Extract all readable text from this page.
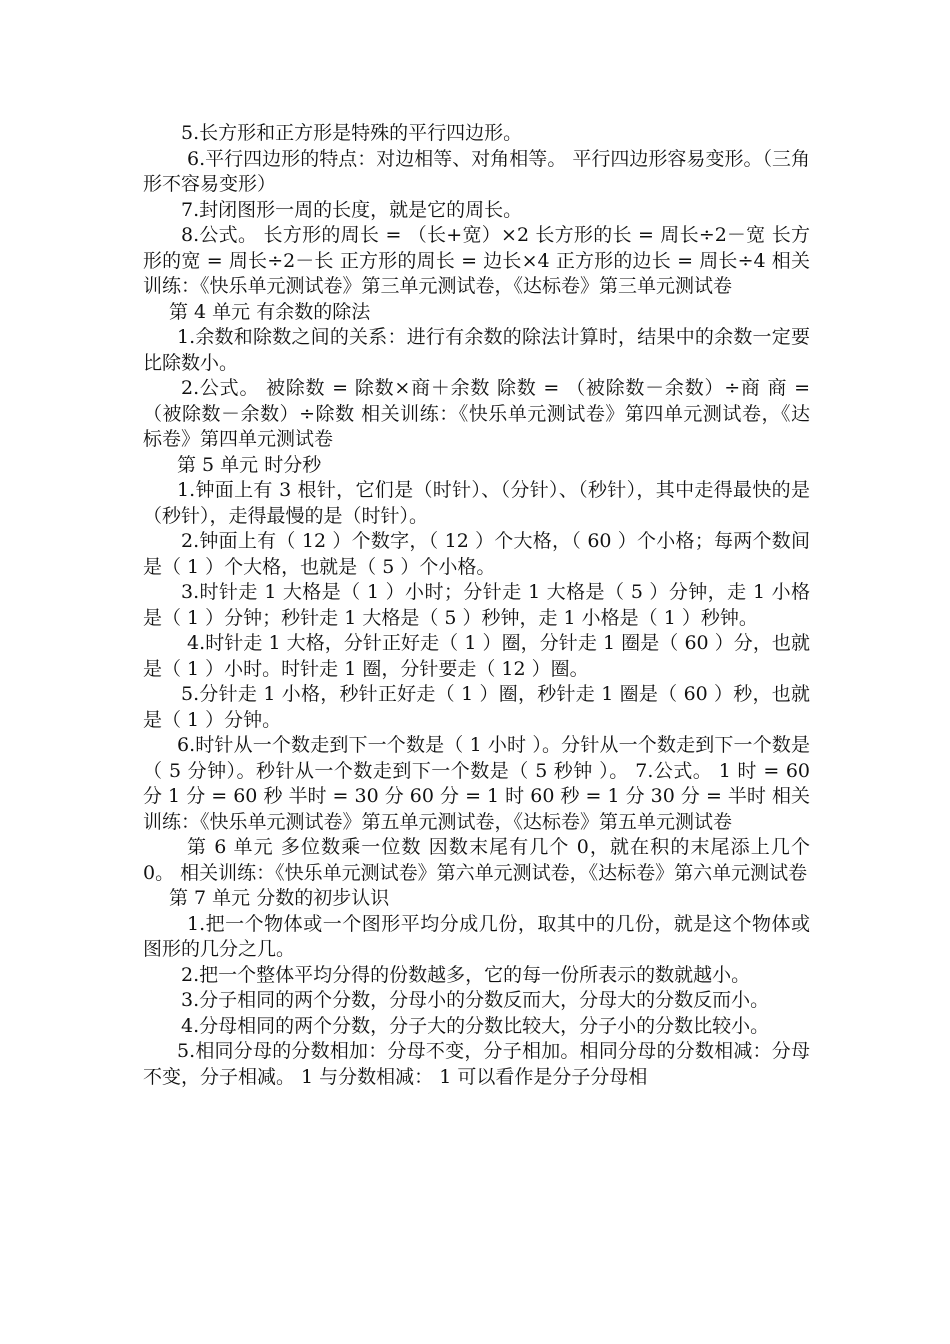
5.长方形和正方形是特殊的平行四边形。

6.平行四边形的特点：对边相等、对角相等。 平行四边形容易变形。（三角形不容易变形）

7.封闭图形一周的长度，就是它的周长。

8.公式。 长方形的周长 = （长+宽）×2 长方形的长 = 周长÷2－宽 长方形的宽 = 周长÷2－长 正方形的周长 = 边长×4 正方形的边长 = 周长÷4 相关训练：《快乐单元测试卷》第三单元测试卷，《达标卷》第三单元测试卷

第 4 单元 有余数的除法

1.余数和除数之间的关系：进行有余数的除法计算时，结果中的余数一定要比除数小。

2.公式。 被除数 = 除数×商＋余数 除数 = （被除数－余数）÷商 商 = （被除数－余数）÷除数 相关训练：《快乐单元测试卷》第四单元测试卷，《达标卷》第四单元测试卷

第 5 单元 时分秒

1.钟面上有 3 根针，它们是（时针）、（分针）、（秒针），其中走得最快的是（秒针），走得最慢的是（时针）。

2.钟面上有（ 12 ）个数字，（ 12 ）个大格，（ 60 ）个小格；每两个数间是（ 1 ）个大格，也就是（ 5 ）个小格。

3.时针走 1 大格是（ 1 ）小时；分针走 1 大格是（ 5 ）分钟，走 1 小格是（ 1 ）分钟；秒针走 1 大格是（ 5 ）秒钟，走 1 小格是（ 1 ）秒钟。

4.时针走 1 大格，分针正好走（ 1 ）圈，分针走 1 圈是（ 60 ）分，也就是（ 1 ）小时。时针走 1 圈，分针要走（ 12 ）圈。

5.分针走 1 小格，秒针正好走（ 1 ）圈，秒针走 1 圈是（ 60 ）秒，也就是（ 1 ）分钟。

6.时针从一个数走到下一个数是（ 1 小时 ）。分针从一个数走到下一个数是（ 5 分钟）。秒针从一个数走到下一个数是（ 5 秒钟 ）。 7.公式。 1 时 = 60 分 1 分 = 60 秒 半时 = 30 分 60 分 = 1 时 60 秒 = 1 分 30 分 = 半时 相关训练：《快乐单元测试卷》第五单元测试卷，《达标卷》第五单元测试卷

第 6 单元 多位数乘一位数 因数末尾有几个 0，就在积的末尾添上几个 0。 相关训练：《快乐单元测试卷》第六单元测试卷，《达标卷》第六单元测试卷

第 7 单元 分数的初步认识

1.把一个物体或一个图形平均分成几份，取其中的几份，就是这个物体或图形的几分之几。

2.把一个整体平均分得的份数越多，它的每一份所表示的数就越小。

3.分子相同的两个分数，分母小的分数反而大，分母大的分数反而小。

4.分母相同的两个分数，分子大的分数比较大，分子小的分数比较小。

5.相同分母的分数相加：分母不变，分子相加。相同分母的分数相减：分母不变，分子相减。 1 与分数相减： 1 可以看作是分子分母相
